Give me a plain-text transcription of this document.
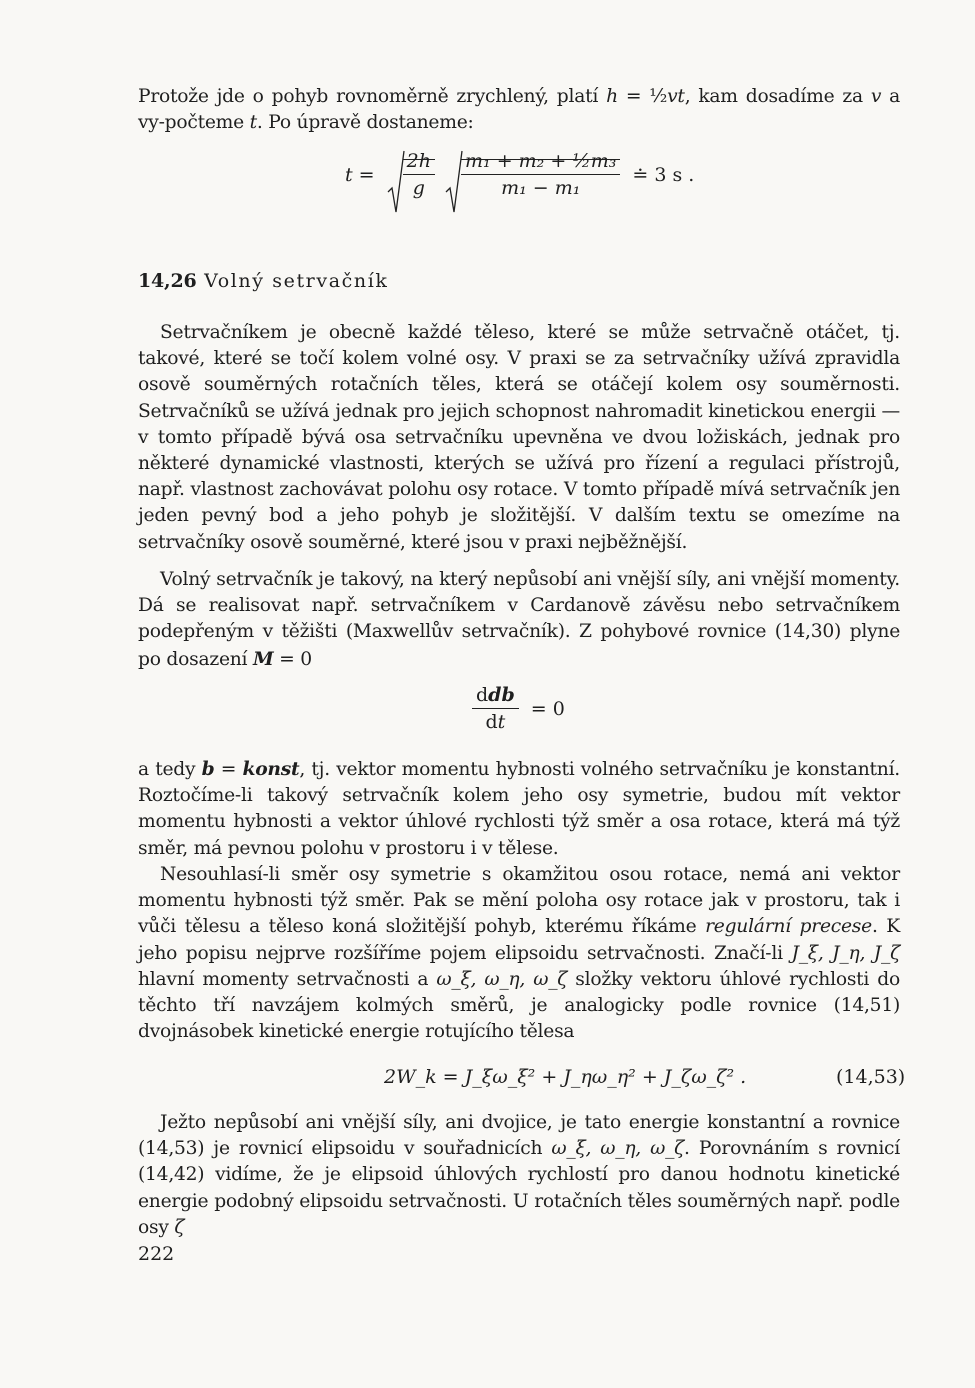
Protože jde o pohyb rovnoměrně zrychlený, platí h = ½vt, kam dosadíme za v a vy-počteme t. Po úpravě dostaneme:

$t = \frac{2h}{g}$
$\frac{\text{m₁ + m₂ + ½m₃}}{\text{m₁ − m₁}}$ ≐ 3 s .
14,26 Volný setrvačník

Setrvačníkem je obecně každé těleso, které se může setrvačně otáčet, tj. takové, které se točí kolem volné osy. V praxi se za setrvačníky užívá zpravidla osově souměrných rotačních těles, která se otáčejí kolem osy souměrnosti. Setrvačníků se užívá jednak pro jejich schopnost nahromadit kinetickou energii — v tomto případě bývá osa setrvačníku upevněna ve dvou ložiskách, jednak pro některé dynamické vlastnosti, kterých se užívá pro řízení a regulaci přístrojů, např. vlastnost zachovávat polohu osy rotace. V tomto případě mívá setrvačník jen jeden pevný bod a jeho pohyb je složitější. V dalším textu se omezíme na setrvačníky osově souměrné, které jsou v praxi nejběžnější.

Volný setrvačník je takový, na který nepůsobí ani vnější síly, ani vnější momenty. Dá se realisovat např. setrvačníkem v Cardanově závěsu nebo setrvačníkem podepřeným v těžišti (Maxwellův setrvačník). Z pohybové rovnice (14,30) plyne po dosazení M = 0

$\frac{\text{ddb}}{dt} = 0$

a tedy b = konst, tj. vektor momentu hybnosti volného setrvačníku je konstantní. Roztočíme-li takový setrvačník kolem jeho osy symetrie, budou mít vektor momentu hybnosti a vektor úhlové rychlosti týž směr a osa rotace, která má týž směr, má pevnou polohu v prostoru i v tělese.

Nesouhlasí-li směr osy symetrie s okamžitou osou rotace, nemá ani vektor momentu hybnosti týž směr. Pak se mění poloha osy rotace jak v prostoru, tak i vůči tělesu a těleso koná složitější pohyb, kterému říkáme regulární precese. K jeho popisu nejprve rozšíříme pojem elipsoidu setrvačnosti. Značí-li J_ξ, J_η, J_ζ hlavní momenty setrvačnosti a ω_ξ, ω_η, ω_ζ složky vektoru úhlové rychlosti do těchto tří navzájem kolmých směrů, je analogicky podle rovnice (14,51) dvojnásobek kinetické energie rotujícího tělesa

2W_k = J_ξω_ξ² + J_ηω_η² + J_ζω_ζ² .	(14,53)

Ježto nepůsobí ani vnější síly, ani dvojice, je tato energie konstantní a rovnice (14,53) je rovnicí elipsoidu v souřadnicích ω_ξ, ω_η, ω_ζ. Porovnáním s rovnicí (14,42) vidíme, že je elipsoid úhlových rychlostí pro danou hodnotu kinetické energie podobný elipsoidu setrvačnosti. U rotačních těles souměrných např. podle osy ζ

222
